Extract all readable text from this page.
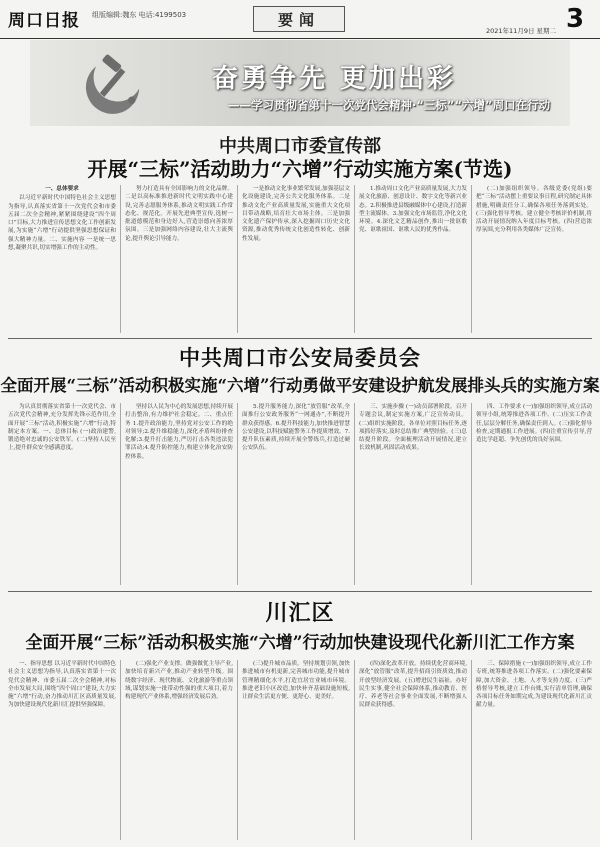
周口日报 组版编辑:魏东 电话:4199503	要闻	3
2021年11月9日 星期二
奋勇争先 更加出彩
——学习贯彻省第十一次党代会精神·“三标”“六增”周口在行动
中共周口市委宣传部
开展“三标”活动助力“六增”行动实施方案(节选)
一、总体要求

以习近平新时代中国特色社会主义思想为指导,认真落实省第十一次党代会和市委五届二次全会精神,紧紧围绕建设“四个周口”目标,大力推进宣传思想文化工作创新发展,为实施“六增”行动提供坚强思想保证和强大精神力量。二、实施内容 一是统一思想,凝聚共识,切实增强工作的主动性。

努力打造具有全国影响力的文化品牌。二是以高标准推进新时代文明实践中心建设,完善志愿服务体系,推动文明实践工作常态化、规范化。开展先进典型宣传,选树一批道德模范和身边好人,营造崇德向善浓厚氛围。三是加强网络内容建设,壮大主流舆论,提升舆论引导能力。

一是推动文化事业繁荣发展,加强基层文化设施建设,完善公共文化服务体系。二是推动文化产业高质量发展,实施重大文化项目带动战略,培育壮大市场主体。三是加强文化遗产保护传承,深入挖掘周口历史文化资源,推动优秀传统文化创造性转化、创新性发展。

1.推动周口文化产业高质量发展,大力发展文化旅游、创意设计、数字文化等新兴业态。2.积极推进县级融媒体中心建设,打造新型主流媒体。3.加强文化市场监管,净化文化环境。4.深化文艺精品创作,推出一批讴歌党、讴歌祖国、讴歌人民的优秀作品。

(二)加强组织领导。各级党委(党组)要把“三标”活动摆上重要议事日程,研究制定具体措施,明确责任分工,确保各项任务落到实处。(三)强化督导考核。建立健全考核评价机制,将活动开展情况纳入年度目标考核。(四)营造浓厚氛围,充分利用各类媒体广泛宣传。

中共周口市公安局委员会
全面开展“三标”活动积极实施“六增”行动勇做平安建设护航发展排头兵的实施方案

为认真贯彻落实省第十一次党代会、市五次党代会精神,充分发挥先锋示范作用,全面开展“三标”活动,积极实施“六增”行动,特制定本方案。一、总体目标 (一)政治建警,锻造绝对忠诚的公安铁军。(二)坚持人民至上,提升群众安全感满意度。

坚持以人民为中心的发展思想,持续开展打击整治,有力维护社会稳定。二、重点任务 1.提升政治能力,坚持党对公安工作的绝对领导;2.提升维稳能力,深化矛盾纠纷排查化解;3.提升打击能力,严厉打击各类违法犯罪活动;4.提升防控能力,构建立体化治安防控体系。

5.提升服务能力,深化“放管服”改革,全面推行公安政务服务“一网通办”,不断提升群众获得感。6.提升科技能力,加快推进智慧公安建设,以科技赋能警务工作提质增效。7.提升队伍素质,持续开展全警练兵,打造过硬公安队伍。

三、实施步骤 (一)动员部署阶段。召开专题会议,制定实施方案,广泛宣传动员。(二)组织实施阶段。各单位对照目标任务,逐项抓好落实,及时总结推广典型经验。(三)总结提升阶段。全面梳理活动开展情况,建立长效机制,巩固活动成果。

四、工作要求 (一)加强组织领导,成立活动领导小组,统筹推进各项工作。(二)压实工作责任,层层分解任务,确保责任到人。(三)强化督导检查,定期通报工作进展。(四)注重宣传引导,营造比学赶超、争先创优的良好氛围。

川汇区
全面开展“三标”活动积极实施“六增”行动加快建设现代化新川汇工作方案

一、指导思想 以习近平新时代中国特色社会主义思想为指导,认真落实省第十一次党代会精神、市委五届二次全会精神,对标全市发展大局,围绕“四个周口”建设,大力实施“六增”行动,奋力推动川汇区高质量发展,为加快建设现代化新川汇提供坚强保障。

(二)强化产业支撑。做强做优主导产业,加快培育新兴产业,推动产业转型升级。围绕数字经济、现代物流、文化旅游等重点领域,谋划实施一批带动性强的重大项目,着力构建现代产业体系,增强经济发展后劲。

(三)提升城市品质。坚持规划引领,加快推进城市有机更新,完善城市功能,提升城市管理精细化水平,打造宜居宜业城市环境。推进老旧小区改造,加快补齐基础设施短板,让群众生活更方便、更舒心、更美好。

(四)深化改革开放。持续优化营商环境,深化“放管服”改革,提升招商引资质效,推动开放型经济发展。(五)增进民生福祉。办好民生实事,健全社会保障体系,推动教育、医疗、养老等社会事业全面发展,不断增强人民群众获得感。

三、保障措施 (一)加强组织领导,成立工作专班,统筹推进各项工作落实。(二)强化要素保障,加大资金、土地、人才等支持力度。(三)严格督导考核,建立工作台账,实行清单管理,确保各项目标任务如期完成,为建设现代化新川汇贡献力量。
